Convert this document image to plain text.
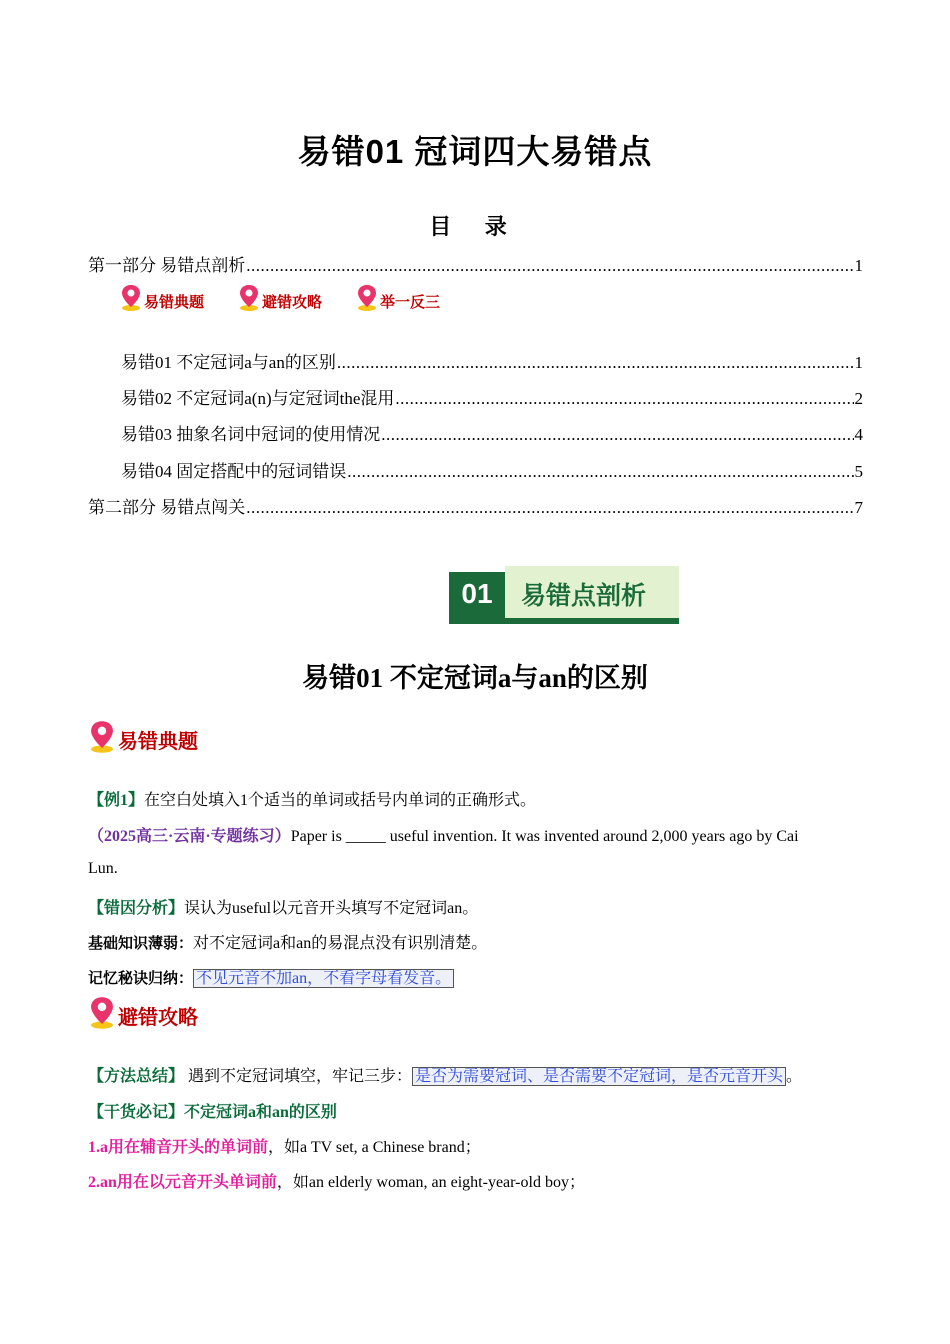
易错01 冠词四大易错点
目 录
第一部分 易错点剖析 .....	1
易错典题	避错攻略	举一反三
易错01 不定冠词a与an的区别 .....	1
易错02 不定冠词a(n)与定冠词the混用 .....	2
易错03 抽象名词中冠词的使用情况 .....	4
易错04 固定搭配中的冠词错误 .....	5
第二部分 易错点闯关 .....	7
01	易错点剖析
易错01 不定冠词a与an的区别
易错典题
【例1】在空白处填入1个适当的单词或括号内单词的正确形式。
（2025高三·云南·专题练习）Paper is _____ useful invention. It was invented around 2,000 years ago by Cai
Lun.
【错因分析】误认为useful以元音开头填写不定冠词an。
基础知识薄弱：对不定冠词a和an的易混点没有识别清楚。
记忆秘诀归纳： 不见元音不加an，不看字母看发音。
避错攻略
【方法总结】 遇到不定冠词填空，牢记三步： 是否为需要冠词、是否需要不定冠词，是否元音开头 。
【干货必记】不定冠词a和an的区别
1.a用在辅音开头的单词前，如a TV set, a Chinese brand；
2.an用在以元音开头单词前，如an elderly woman, an eight-year-old boy；
